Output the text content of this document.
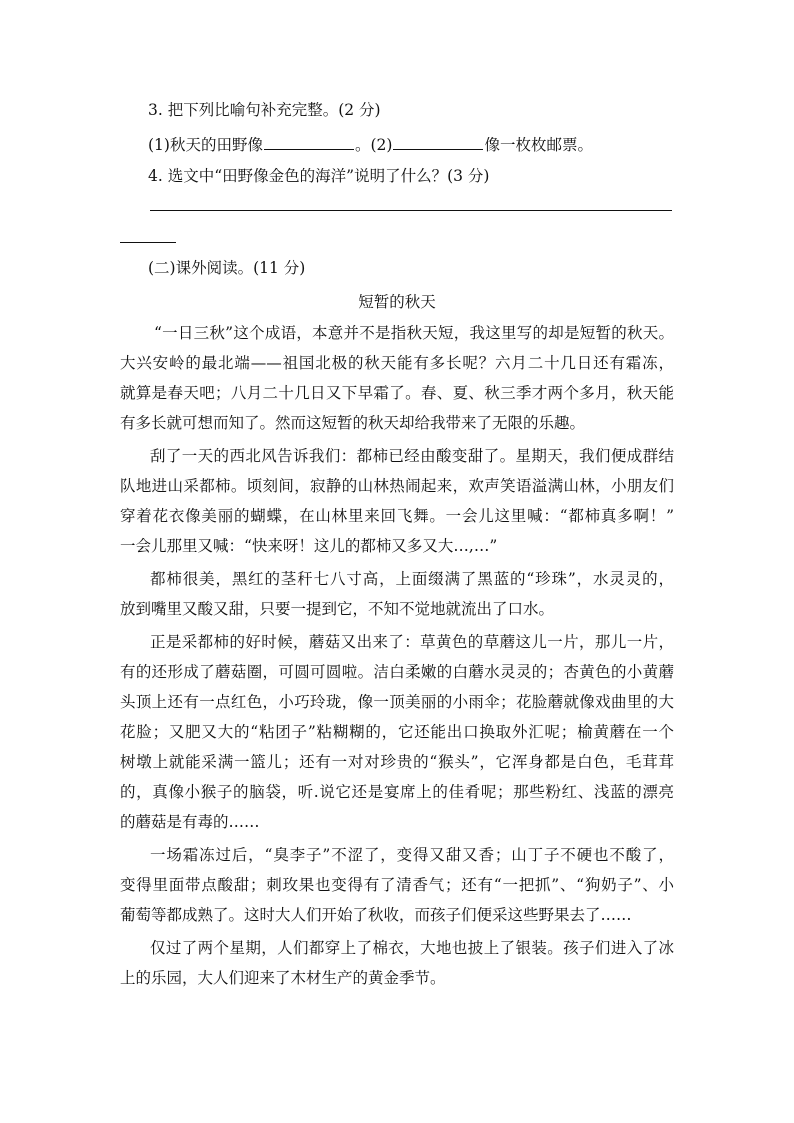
3. 把下列比喻句补充完整。(2 分)
(1)秋天的田野像	。(2)	像一枚枚邮票。
4. 选文中“田野像金色的海洋”说明了什么？(3 分)
(二)课外阅读。(11 分)
短暂的秋天
“一日三秋”这个成语，本意并不是指秋天短，我这里写的却是短暂的秋天。
大兴安岭的最北端——祖国北极的秋天能有多长呢？六月二十几日还有霜冻，
就算是春天吧；八月二十几日又下早霜了。春、夏、秋三季才两个多月，秋天能
有多长就可想而知了。然而这短暂的秋天却给我带来了无限的乐趣。
刮了一天的西北风告诉我们：都柿已经由酸变甜了。星期天，我们便成群结
队地进山采都柿。顷刻间，寂静的山林热闹起来，欢声笑语溢满山林，小朋友们
穿着花衣像美丽的蝴蝶，在山林里来回飞舞。一会儿这里喊：“都柿真多啊！”
一会儿那里又喊：“快来呀！这儿的都柿又多又大…,…”
都柿很美，黑红的茎秆七八寸高，上面缀满了黑蓝的“珍珠”，水灵灵的，
放到嘴里又酸又甜，只要一提到它，不知不觉地就流出了口水。
正是采都柿的好时候，蘑菇又出来了：草黄色的草蘑这儿一片，那儿一片，
有的还形成了蘑菇圈，可圆可圆啦。洁白柔嫩的白蘑水灵灵的；杏黄色的小黄蘑
头顶上还有一点红色，小巧玲珑，像一顶美丽的小雨伞；花脸蘑就像戏曲里的大
花脸；又肥又大的“粘团子”粘糊糊的，它还能出口换取外汇呢；榆黄蘑在一个
树墩上就能采满一篮儿；还有一对对珍贵的“猴头”，它浑身都是白色，毛茸茸
的，真像小猴子的脑袋，听.说它还是宴席上的佳肴呢；那些粉红、浅蓝的漂亮
的蘑菇是有毒的……
一场霜冻过后，“臭李子”不涩了，变得又甜又香；山丁子不硬也不酸了，
变得里面带点酸甜；刺玫果也变得有了清香气；还有“一把抓”、“狗奶子”、小
葡萄等都成熟了。这时大人们开始了秋收，而孩子们便采这些野果去了……
仅过了两个星期，人们都穿上了棉衣，大地也披上了银装。孩子们进入了冰
上的乐园，大人们迎来了木材生产的黄金季节。
